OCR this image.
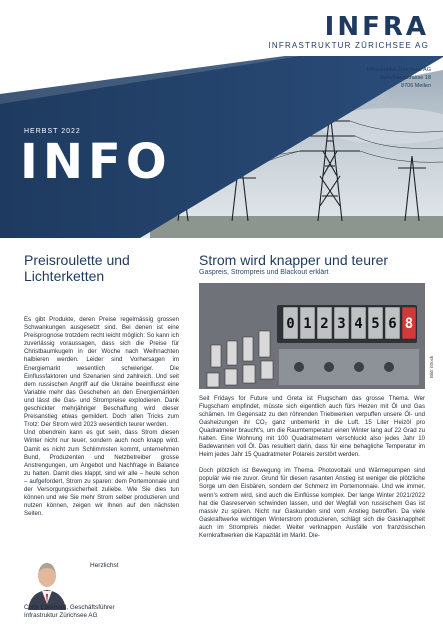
INFRA
INFRASTRUKTUR ZÜRICHSEE AG
Infrastruktur Zürichsee AG
Schulhausstrasse 18
8706 Meilen
HERBST 2022
INFO
Preisroulette und Lichterketten

Es gibt Produkte, deren Preise regelmässig grossen Schwankungen ausgesetzt sind. Bei denen ist eine Preisprognose trotzdem recht leicht möglich: So kann ich zuverlässig voraussagen, dass sich die Preise für Christbaumkugeln in der Woche nach Weihnachten halbieren werden. Leider sind Vorhersagen im Energiemarkt wesentlich schwieriger. Die Einflussfaktoren und Szenarien sind zahlreich. Und seit dem russischen Angriff auf die Ukraine beeinflusst eine Variable mehr das Geschehen an den Energiemärkten und lässt die Gas- und Strompreise explodieren. Dank geschickter mehrjähriger Beschaffung wird dieser Preisanstieg etwas gemildert. Doch allen Tricks zum Trotz: Der Strom wird 2023 wesentlich teurer werden.

Und obendrein kann es gut sein, dass Strom diesen Winter nicht nur teuer, sondern auch noch knapp wird. Damit es nicht zum Schlimmsten kommt, unternehmen Bund, Produzenten und Netzbetreiber grosse Anstrengungen, um Angebot und Nachfrage in Balance zu halten. Damit dies klappt, sind wir alle – heute schon – aufgefordert, Strom zu sparen: dem Portemonnaie und der Versorgungssicherheit zuliebe. Wie Sie dies tun können und wie Sie mehr Strom selber produzieren und nutzen können, zeigen wir Ihnen auf den nächsten Seiten.

Herzlichst
Chris Eberhard, Geschäftsführer
Infrastruktur Zürichsee AG
Strom wird knapper und teurer
Gaspreis, Strompreis und Blackout erklärt
0 1 2 3 4 5 6 8
Bild: iStock

Seit Fridays for Future und Greta ist Flugscham das grosse Thema. Wer Flugscham empfindet, müsste sich eigentlich auch fürs Heizen mit Öl und Gas schämen. Im Gegensatz zu den röhrenden Triebwerken verpuffen unsere Öl- und Gasheizungen ihr CO₂ ganz unbemerkt in die Luft. 15 Liter Heizöl pro Quadratmeter braucht's, um die Raumtemperatur einen Winter lang auf 22 Grad zu halten. Eine Wohnung mit 100 Quadratmetern verschluckt also jedes Jahr 10 Badewannen voll Öl. Das resultiert darin, dass für eine behagliche Temperatur im Heim jedes Jahr 15 Quadratmeter Polareis zerstört werden.

Doch plötzlich ist Bewegung im Thema. Photovoltaik und Wärmepumpen sind populär wie nie zuvor. Grund für diesen rasanten Anstieg ist weniger die plötzliche Sorge um den Eisbären, sondern der Schmerz im Portemonnaie. Und wie immer, wenn's extrem wird, sind auch die Einflüsse komplex. Der lange Winter 2021/2022 hat die Gasreserven schwinden lassen, und der Wegfall von russischem Gas ist massiv zu spüren. Nicht nur Gaskunden sind vom Anstieg betroffen. Da viele Gaskraftwerke wichtigen Winterstrom produzieren, schlägt sich die Gasknappheit auch im Strompreis nieder. Weiter verknappen Ausfälle von französischen Kernkraftwerken die Kapazität im Markt. Die-
